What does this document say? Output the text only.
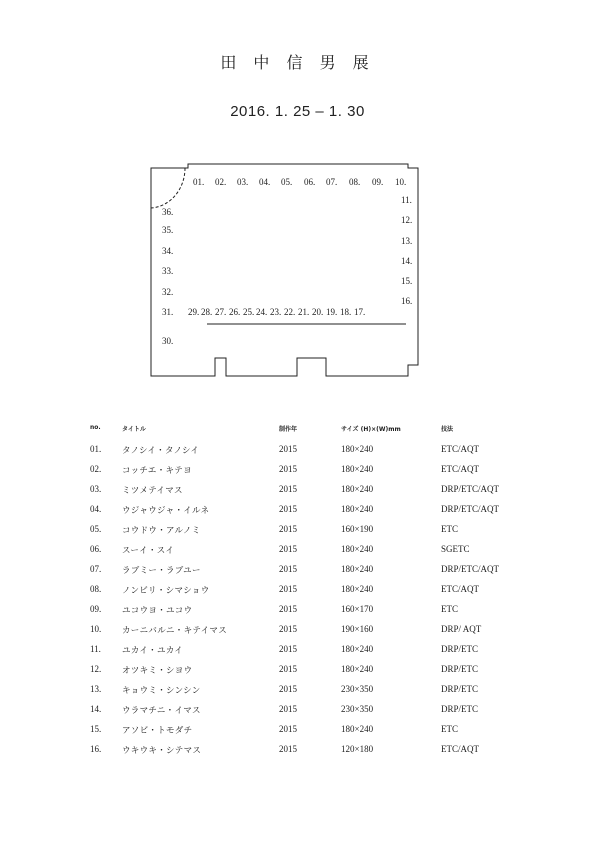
田 中 信 男 展
2016. 1. 25 – 1. 30
01. 02. 03. 04. 05. 06. 07. 08. 09. 10.
11.
12.
13.
14.
15.
16.
29. 28. 27. 26. 25. 24. 23. 22. 21. 20. 19. 18. 17.
36.
35.
34.
33.
32.
31.
30.
no.	タイトル	制作年	サイズ (H)×(W)mm	技法
01. タノシイ・タノシイ	2015	180×240	ETC/AQT
02. コッチエ・キテヨ	2015	180×240	ETC/AQT
03. ミツメテイマス	2015	180×240	DRP/ETC/AQT
04. ウジャウジャ・イルネ	2015	180×240	DRP/ETC/AQT
05. コウドウ・アルノミ	2015	160×190	ETC
06. スーイ・スイ	2015	180×240	SGETC
07. ラブミー・ラブユー	2015	180×240	DRP/ETC/AQT
08. ノンビリ・シマショウ	2015	180×240	ETC/AQT
09. ユコウヨ・ユコウ	2015	160×170	ETC
10. カーニバルニ・キテイマス	2015	190×160	DRP/ AQT
11. ユカイ・ユカイ	2015	180×240	DRP/ETC
12. オツキミ・シヨウ	2015	180×240	DRP/ETC
13. キョウミ・シンシン	2015	230×350	DRP/ETC
14. ウラマチニ・イマス	2015	230×350	DRP/ETC
15. アソビ・トモダチ	2015	180×240	ETC
16. ウキウキ・シテマス	2015	120×180	ETC/AQT
